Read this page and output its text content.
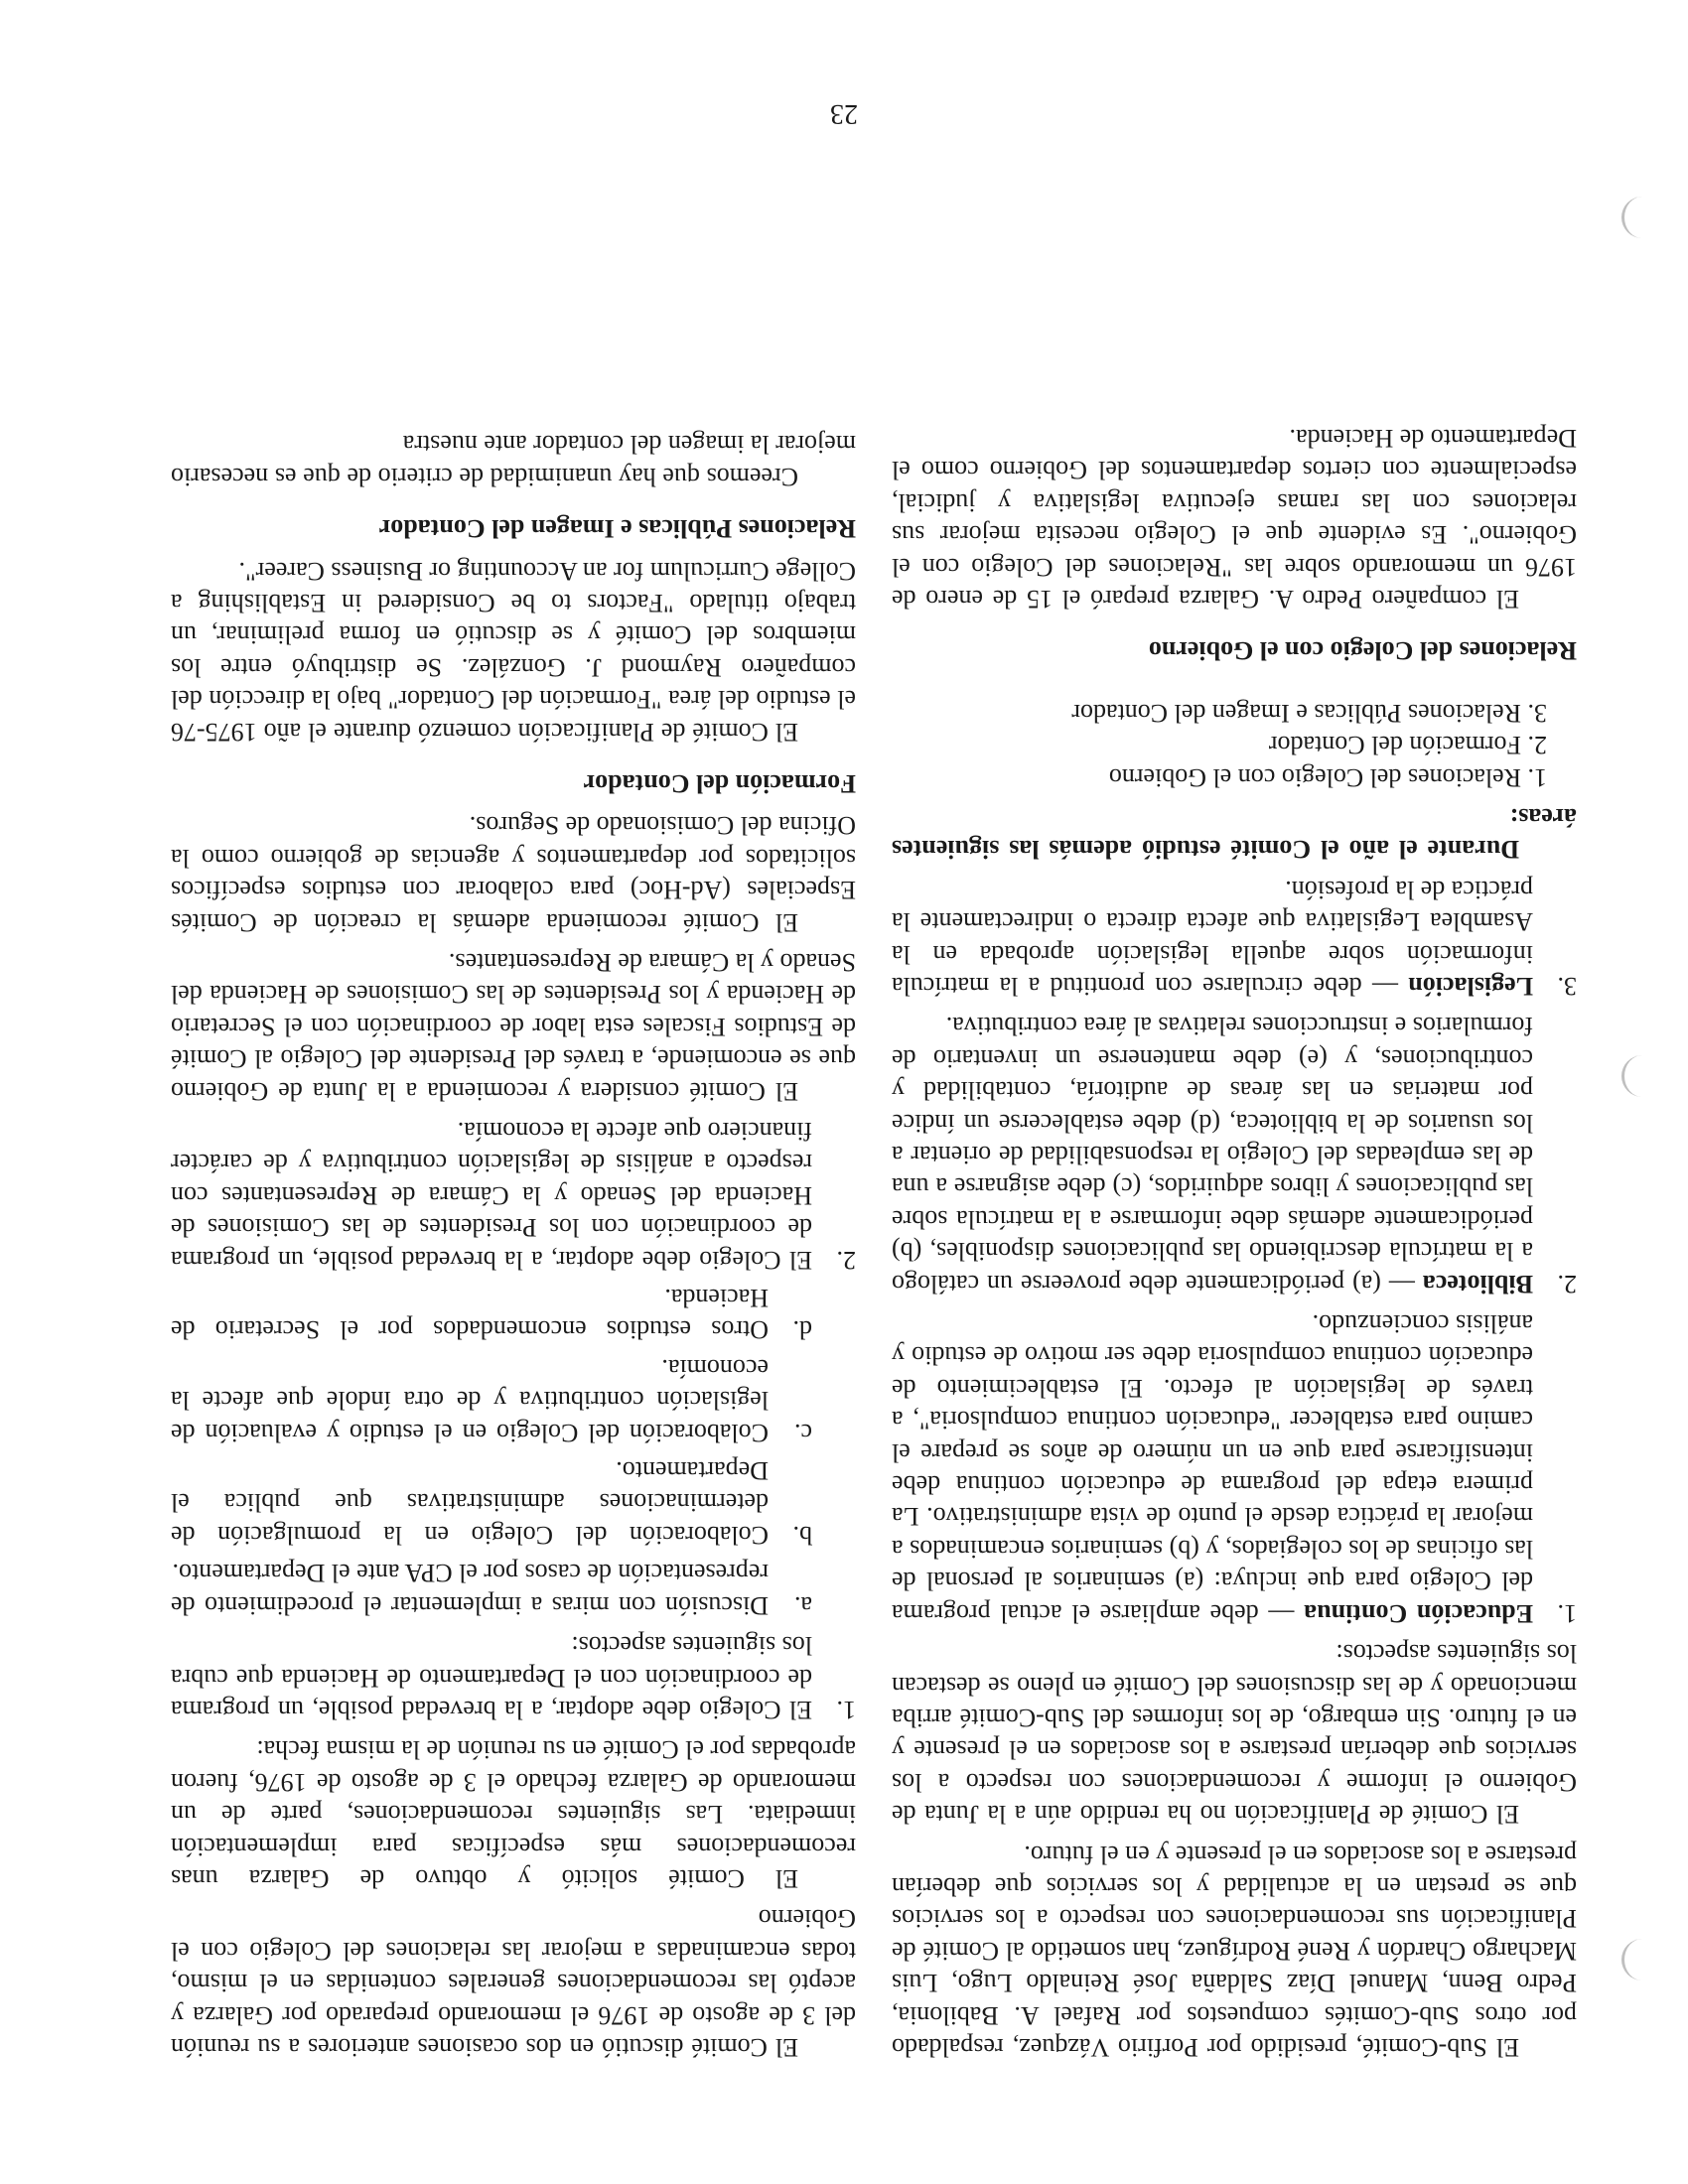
El Sub-Comité, presidido por Porfirio Vázquez, respaldado por otros Sub-Comités compuestos por Rafael A. Babilonia, Pedro Benn, Manuel Díaz Saldaña José Reinaldo Lugo, Luis Machargo Chardón y René Rodríguez, han sometido al Comité de Planificación sus recomendaciones con respecto a los servicios que se prestan en la actualidad y los servicios que deberían prestarse a los asociados en el presente y en el futuro.

El Comité de Planificación no ha rendido aún a la Junta de Gobierno el informe y recomendaciones con respecto a los servicios que deberían prestarse a los asociados en el presente y en el futuro. Sin embargo, de los informes del Sub-Comité arriba mencionado y de las discusiones del Comité en pleno se destacan los siguientes aspectos:

1.
Educación Continua — debe ampliarse el actual programa del Colegio para que incluya: (a) seminarios al personal de las oficinas de los colegiados, y (b) seminarios encaminados a mejorar la práctica desde el punto de vista administrativo. La primera etapa del programa de educación continua debe intensificarse para que en un número de años se prepare el camino para establecer "educación continua compulsoria", a través de legislación al efecto. El establecimiento de educación continua compulsoria debe ser motivo de estudio y análisis concienzudo.
2.
Biblioteca — (a) periódicamente debe proveerse un catálogo a la matrícula describiendo las publicaciones disponibles, (b) periódicamente además debe informarse a la matrícula sobre las publicaciones y libros adquiridos, (c) debe asignarse a una de las empleadas del Colegio la responsabilidad de orientar a los usuarios de la biblioteca, (d) debe establecerse un índice por materias en las áreas de auditoría, contabilidad y contribuciones, y (e) debe mantenerse un inventario de formularios e instrucciones relativas al área contributiva.
3.
Legislación — debe circularse con prontitud a la matrícula información sobre aquella legislación aprobada en la Asamblea Legislativa que afecta directa o indirectamente la práctica de la profesión.

Durante el año el Comité estudió además las siguientes áreas:

1. Relaciones del Colegio con el Gobierno
2. Formación del Contador
3. Relaciones Públicas e Imagen del Contador
Relaciones del Colegio con el Gobierno

El compañero Pedro A. Galarza preparó el 15 de enero de 1976 un memorando sobre las "Relaciones del Colegio con el Gobierno". Es evidente que el Colegio necesita mejorar sus relaciones con las ramas ejecutiva legislativa y judicial, especialmente con ciertos departamentos del Gobierno como el Departamento de Hacienda.

El Comité discutió en dos ocasiones anteriores a su reunión del 3 de agosto de 1976 el memorando preparado por Galarza y aceptó las recomendaciones generales contenidas en el mismo, todas encaminadas a mejorar las relaciones del Colegio con el Gobierno

El Comité solicitó y obtuvo de Galarza unas recomendaciones más específicas para implementación inmediata. Las siguientes recomendaciones, parte de un memorando de Galarza fechado el 3 de agosto de 1976, fueron aprobadas por el Comité en su reunión de la misma fecha:

1.
El Colegio debe adoptar, a la brevedad posible, un programa de coordinación con el Departamento de Hacienda que cubra los siguientes aspectos:
a.
Discusión con miras a implementar el procedimiento de representación de casos por el CPA ante el Departamento.
b.
Colaboración del Colegio en la promulgación de determinaciones administrativas que publica el Departamento.
c.
Colaboración del Colegio en el estudio y evaluación de legislación contributiva y de otra índole que afecte la economía.
d.
Otros estudios encomendados por el Secretario de Hacienda.
2.
El Colegio debe adoptar, a la brevedad posible, un programa de coordinación con los Presidentes de las Comisiones de Hacienda del Senado y la Cámara de Representantes con respecto a análisis de legislación contributiva y de carácter financiero que afecte la economía.

El Comité considera y recomienda a la Junta de Gobierno que se encomiende, a través del Presidente del Colegio al Comité de Estudios Fiscales esta labor de coordinación con el Secretario de Hacienda y los Presidentes de las Comisiones de Hacienda del Senado y la Cámara de Representantes.

El Comité recomienda además la creación de Comités Especiales (Ad-Hoc) para colaborar con estudios específicos solicitados por departamentos y agencias de gobierno como la Oficina del Comisionado de Seguros.

Formación del Contador

El Comité de Planificación comenzó durante el año 1975-76 el estudio del área "Formación del Contador" bajo la dirección del compañero Raymond J. González. Se distribuyó entre los miembros del Comité y se discutió en forma preliminar, un trabajo titulado "Factors to be Considered in Establishing a College Curriculum for an Accounting or Business Career".

Relaciones Públicas e Imagen del Contador

Creemos que hay unanimidad de criterio de que es necesario mejorar la imagen del contador ante nuestra

23
